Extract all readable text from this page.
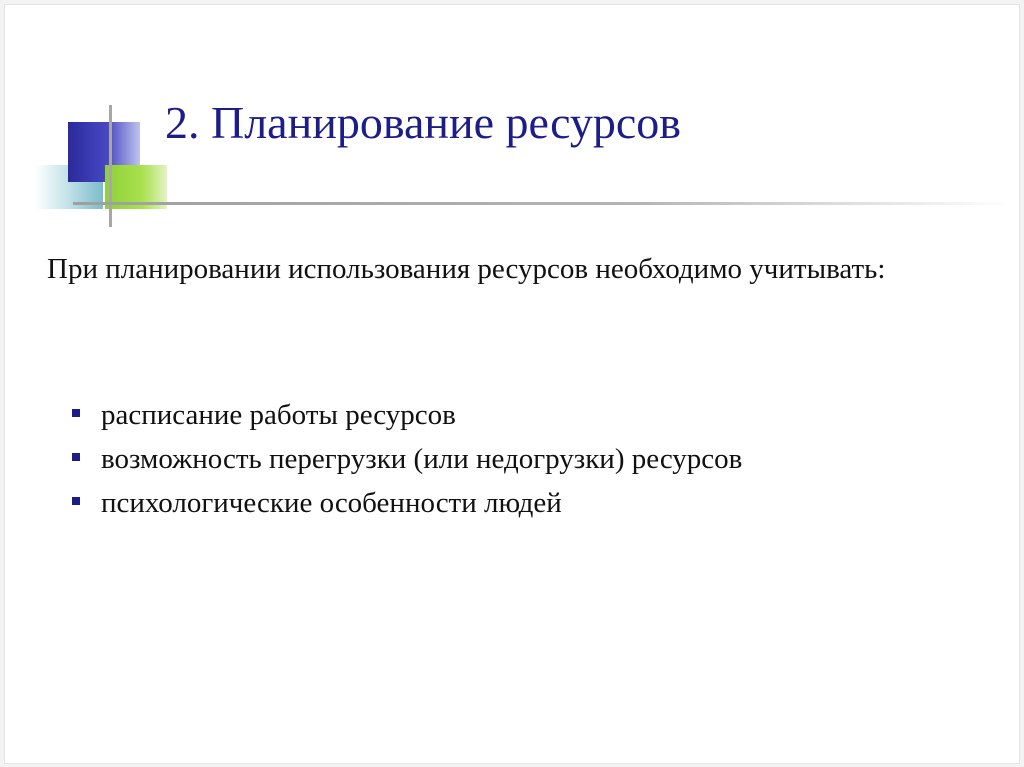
2. Планирование ресурсов

При планировании использования ресурсов необходимо учитывать:

расписание работы ресурсов
возможность перегрузки (или недогрузки) ресурсов
психологические особенности людей
